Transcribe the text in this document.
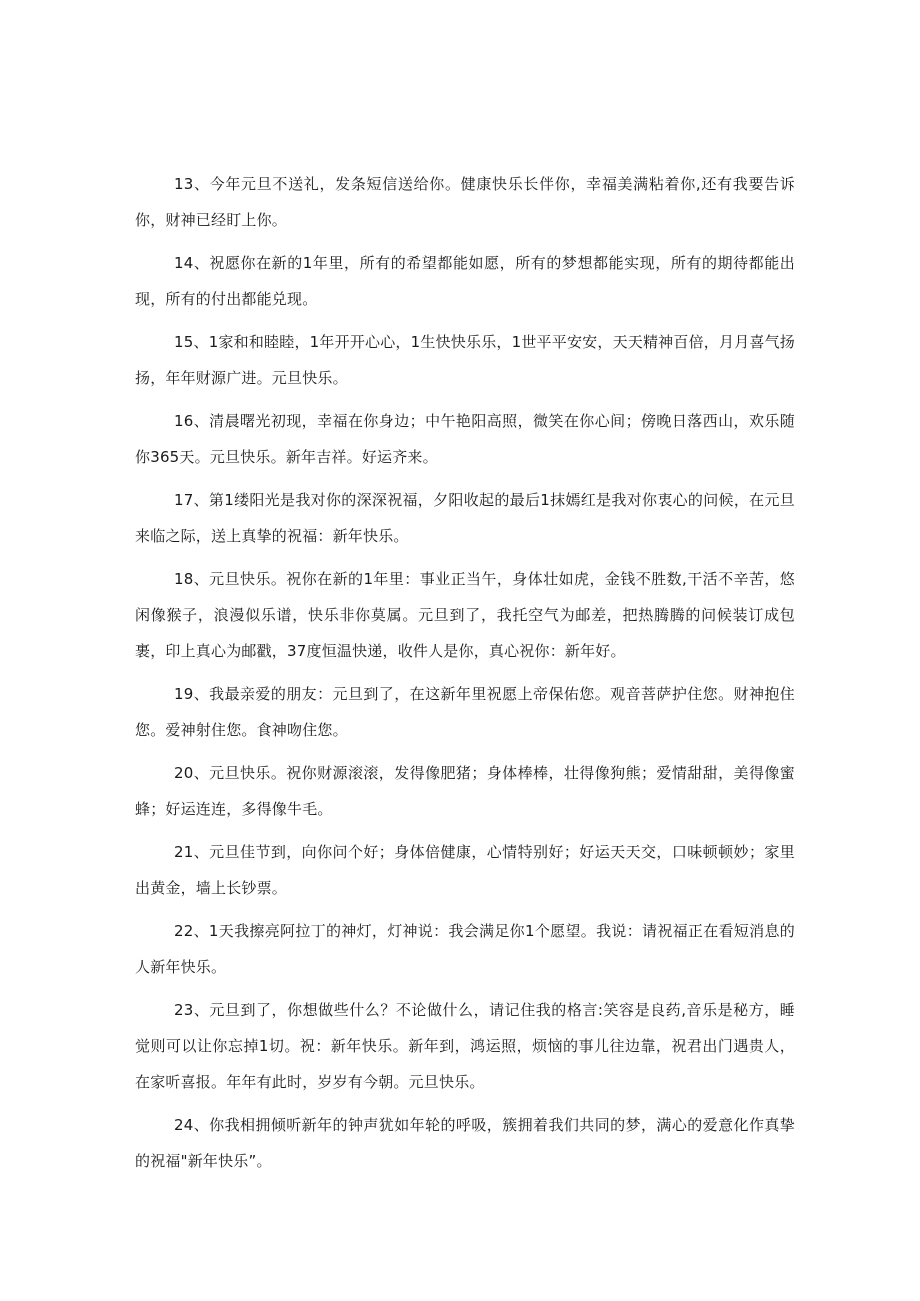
13、今年元旦不送礼，发条短信送给你。健康快乐长伴你，幸福美满粘着你,还有我要告诉你，财神已经盯上你。

14、祝愿你在新的1年里，所有的希望都能如愿，所有的梦想都能实现，所有的期待都能出现，所有的付出都能兑现。

15、1家和和睦睦，1年开开心心，1生快快乐乐，1世平平安安，天天精神百倍，月月喜气扬扬，年年财源广进。元旦快乐。

16、清晨曙光初现，幸福在你身边；中午艳阳高照，微笑在你心间；傍晚日落西山，欢乐随你365天。元旦快乐。新年吉祥。好运齐来。

17、第1缕阳光是我对你的深深祝福，夕阳收起的最后1抹嫣红是我对你衷心的问候，在元旦来临之际，送上真挚的祝福：新年快乐。

18、元旦快乐。祝你在新的1年里：事业正当午，身体壮如虎，金钱不胜数,干活不辛苦，悠闲像猴子，浪漫似乐谱，快乐非你莫属。元旦到了，我托空气为邮差，把热腾腾的问候装订成包裹，印上真心为邮戳，37度恒温快递，收件人是你，真心祝你：新年好。

19、我最亲爱的朋友：元旦到了，在这新年里祝愿上帝保佑您。观音菩萨护住您。财神抱住您。爱神射住您。食神吻住您。

20、元旦快乐。祝你财源滚滚，发得像肥猪；身体棒棒，壮得像狗熊；爱情甜甜，美得像蜜蜂；好运连连，多得像牛毛。

21、元旦佳节到，向你问个好；身体倍健康，心情特别好；好运天天交，口味顿顿妙；家里出黄金，墙上长钞票。

22、1天我擦亮阿拉丁的神灯，灯神说：我会满足你1个愿望。我说：请祝福正在看短消息的人新年快乐。

23、元旦到了，你想做些什么？不论做什么，请记住我的格言:笑容是良药,音乐是秘方，睡觉则可以让你忘掉1切。祝：新年快乐。新年到，鸿运照，烦恼的事儿往边靠，祝君出门遇贵人，在家听喜报。年年有此时，岁岁有今朝。元旦快乐。

24、你我相拥倾听新年的钟声犹如年轮的呼吸，簇拥着我们共同的梦，满心的爱意化作真挚的祝福"新年快乐”。
